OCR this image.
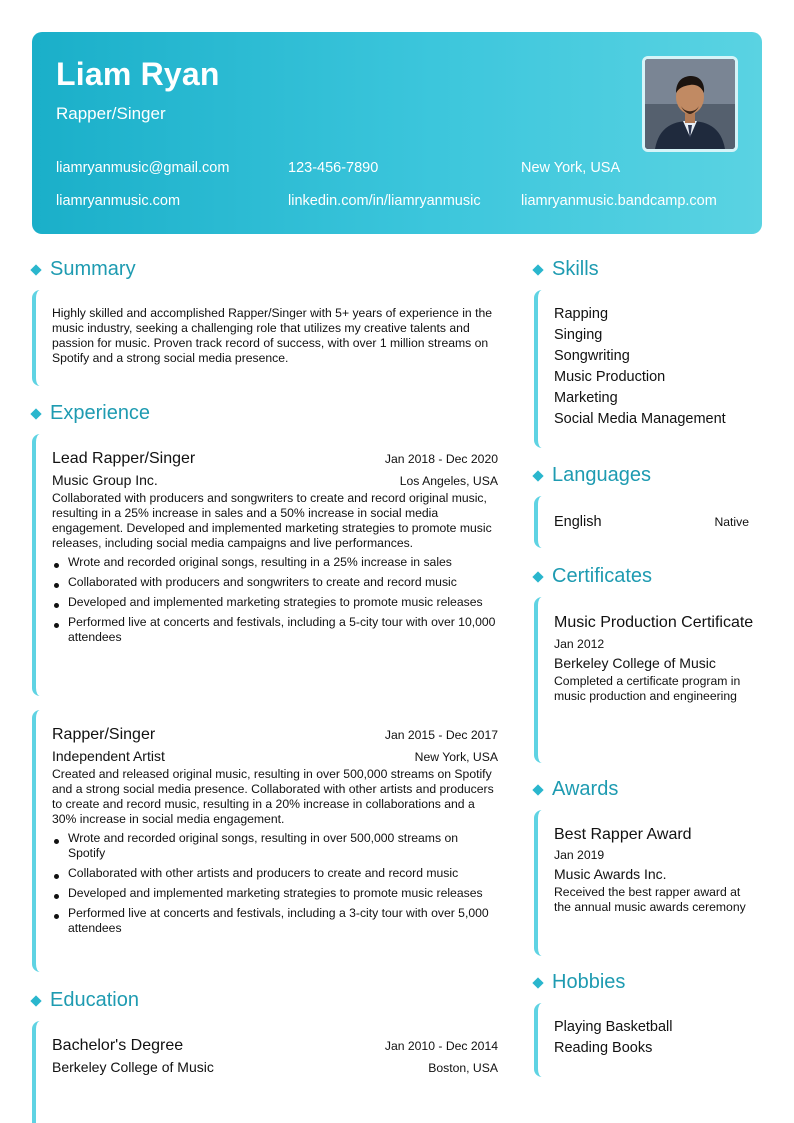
Liam Ryan
Rapper/Singer
liamryanmusic@gmail.com	123-456-7890	New York, USA
liamryanmusic.com	linkedin.com/in/liamryanmusic	liamryanmusic.bandcamp.com
Summary
Highly skilled and accomplished Rapper/Singer with 5+ years of experience in the music industry, seeking a challenging role that utilizes my creative talents and passion for music. Proven track record of success, with over 1 million streams on Spotify and a strong social media presence.
Experience
Lead Rapper/Singer	Jan 2018 - Dec 2020
Music Group Inc.	Los Angeles, USA
Collaborated with producers and songwriters to create and record original music, resulting in a 25% increase in sales and a 50% increase in social media engagement. Developed and implemented marketing strategies to promote music releases, including social media campaigns and live performances.
Wrote and recorded original songs, resulting in a 25% increase in sales
Collaborated with producers and songwriters to create and record music
Developed and implemented marketing strategies to promote music releases
Performed live at concerts and festivals, including a 5-city tour with over 10,000 attendees
Rapper/Singer	Jan 2015 - Dec 2017
Independent Artist	New York, USA
Created and released original music, resulting in over 500,000 streams on Spotify and a strong social media presence. Collaborated with other artists and producers to create and record music, resulting in a 20% increase in collaborations and a 30% increase in social media engagement.
Wrote and recorded original songs, resulting in over 500,000 streams on Spotify
Collaborated with other artists and producers to create and record music
Developed and implemented marketing strategies to promote music releases
Performed live at concerts and festivals, including a 3-city tour with over 5,000 attendees
Education
Bachelor's Degree	Jan 2010 - Dec 2014
Berkeley College of Music	Boston, USA
Skills
Rapping
Singing
Songwriting
Music Production
Marketing
Social Media Management
Languages
English	Native
Certificates
Music Production Certificate
Jan 2012
Berkeley College of Music
Completed a certificate program in music production and engineering
Awards
Best Rapper Award
Jan 2019
Music Awards Inc.
Received the best rapper award at the annual music awards ceremony
Hobbies
Playing Basketball
Reading Books
